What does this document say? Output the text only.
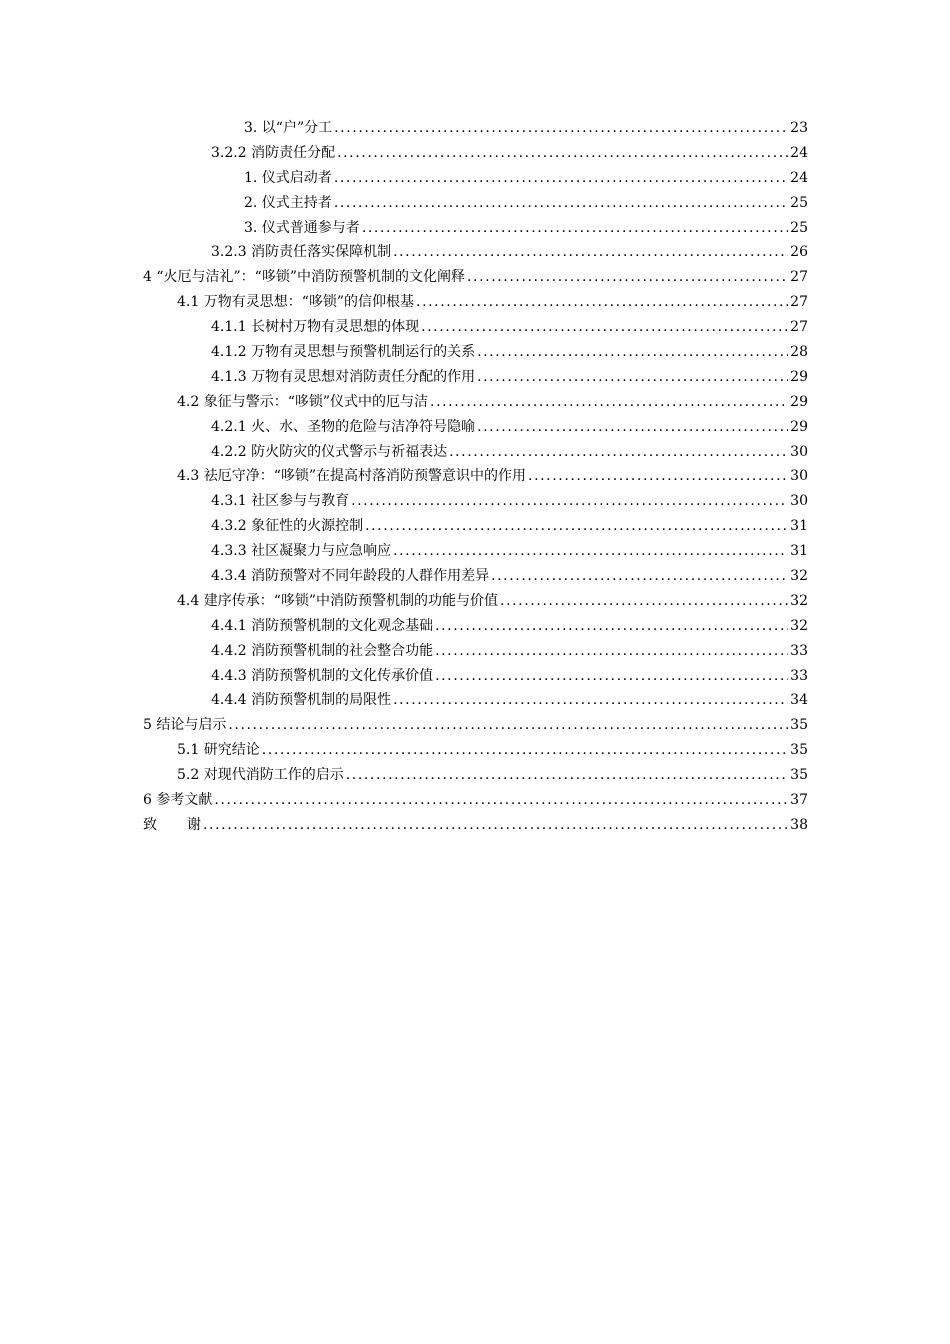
3. 以“户”分工 .....	23
3.2.2 消防责任分配 .....	24
1. 仪式启动者 .....	24
2. 仪式主持者 .....	25
3. 仪式普通参与者 .....	25
3.2.3 消防责任落实保障机制 .....	26
4 “火厄与洁礼”：“哆锁”中消防预警机制的文化阐释 .....	27
4.1 万物有灵思想：“哆锁”的信仰根基 .....	27
4.1.1 长树村万物有灵思想的体现 .....	27
4.1.2 万物有灵思想与预警机制运行的关系 .....	28
4.1.3 万物有灵思想对消防责任分配的作用 .....	29
4.2 象征与警示：“哆锁”仪式中的厄与洁 .....	29
4.2.1 火、水、圣物的危险与洁净符号隐喻 .....	29
4.2.2 防火防灾的仪式警示与祈福表达 .....	30
4.3 祛厄守净：“哆锁”在提高村落消防预警意识中的作用 .....	30
4.3.1 社区参与与教育 .....	30
4.3.2 象征性的火源控制 .....	31
4.3.3 社区凝聚力与应急响应 .....	31
4.3.4 消防预警对不同年龄段的人群作用差异 .....	32
4.4 建序传承：“哆锁”中消防预警机制的功能与价值 .....	32
4.4.1 消防预警机制的文化观念基础 .....	32
4.4.2 消防预警机制的社会整合功能 .....	33
4.4.3 消防预警机制的文化传承价值 .....	33
4.4.4 消防预警机制的局限性 .....	34
5 结论与启示 .....	35
5.1 研究结论 .....	35
5.2 对现代消防工作的启示 .....	35
6 参考文献 .....	37
致 谢 .....	38
